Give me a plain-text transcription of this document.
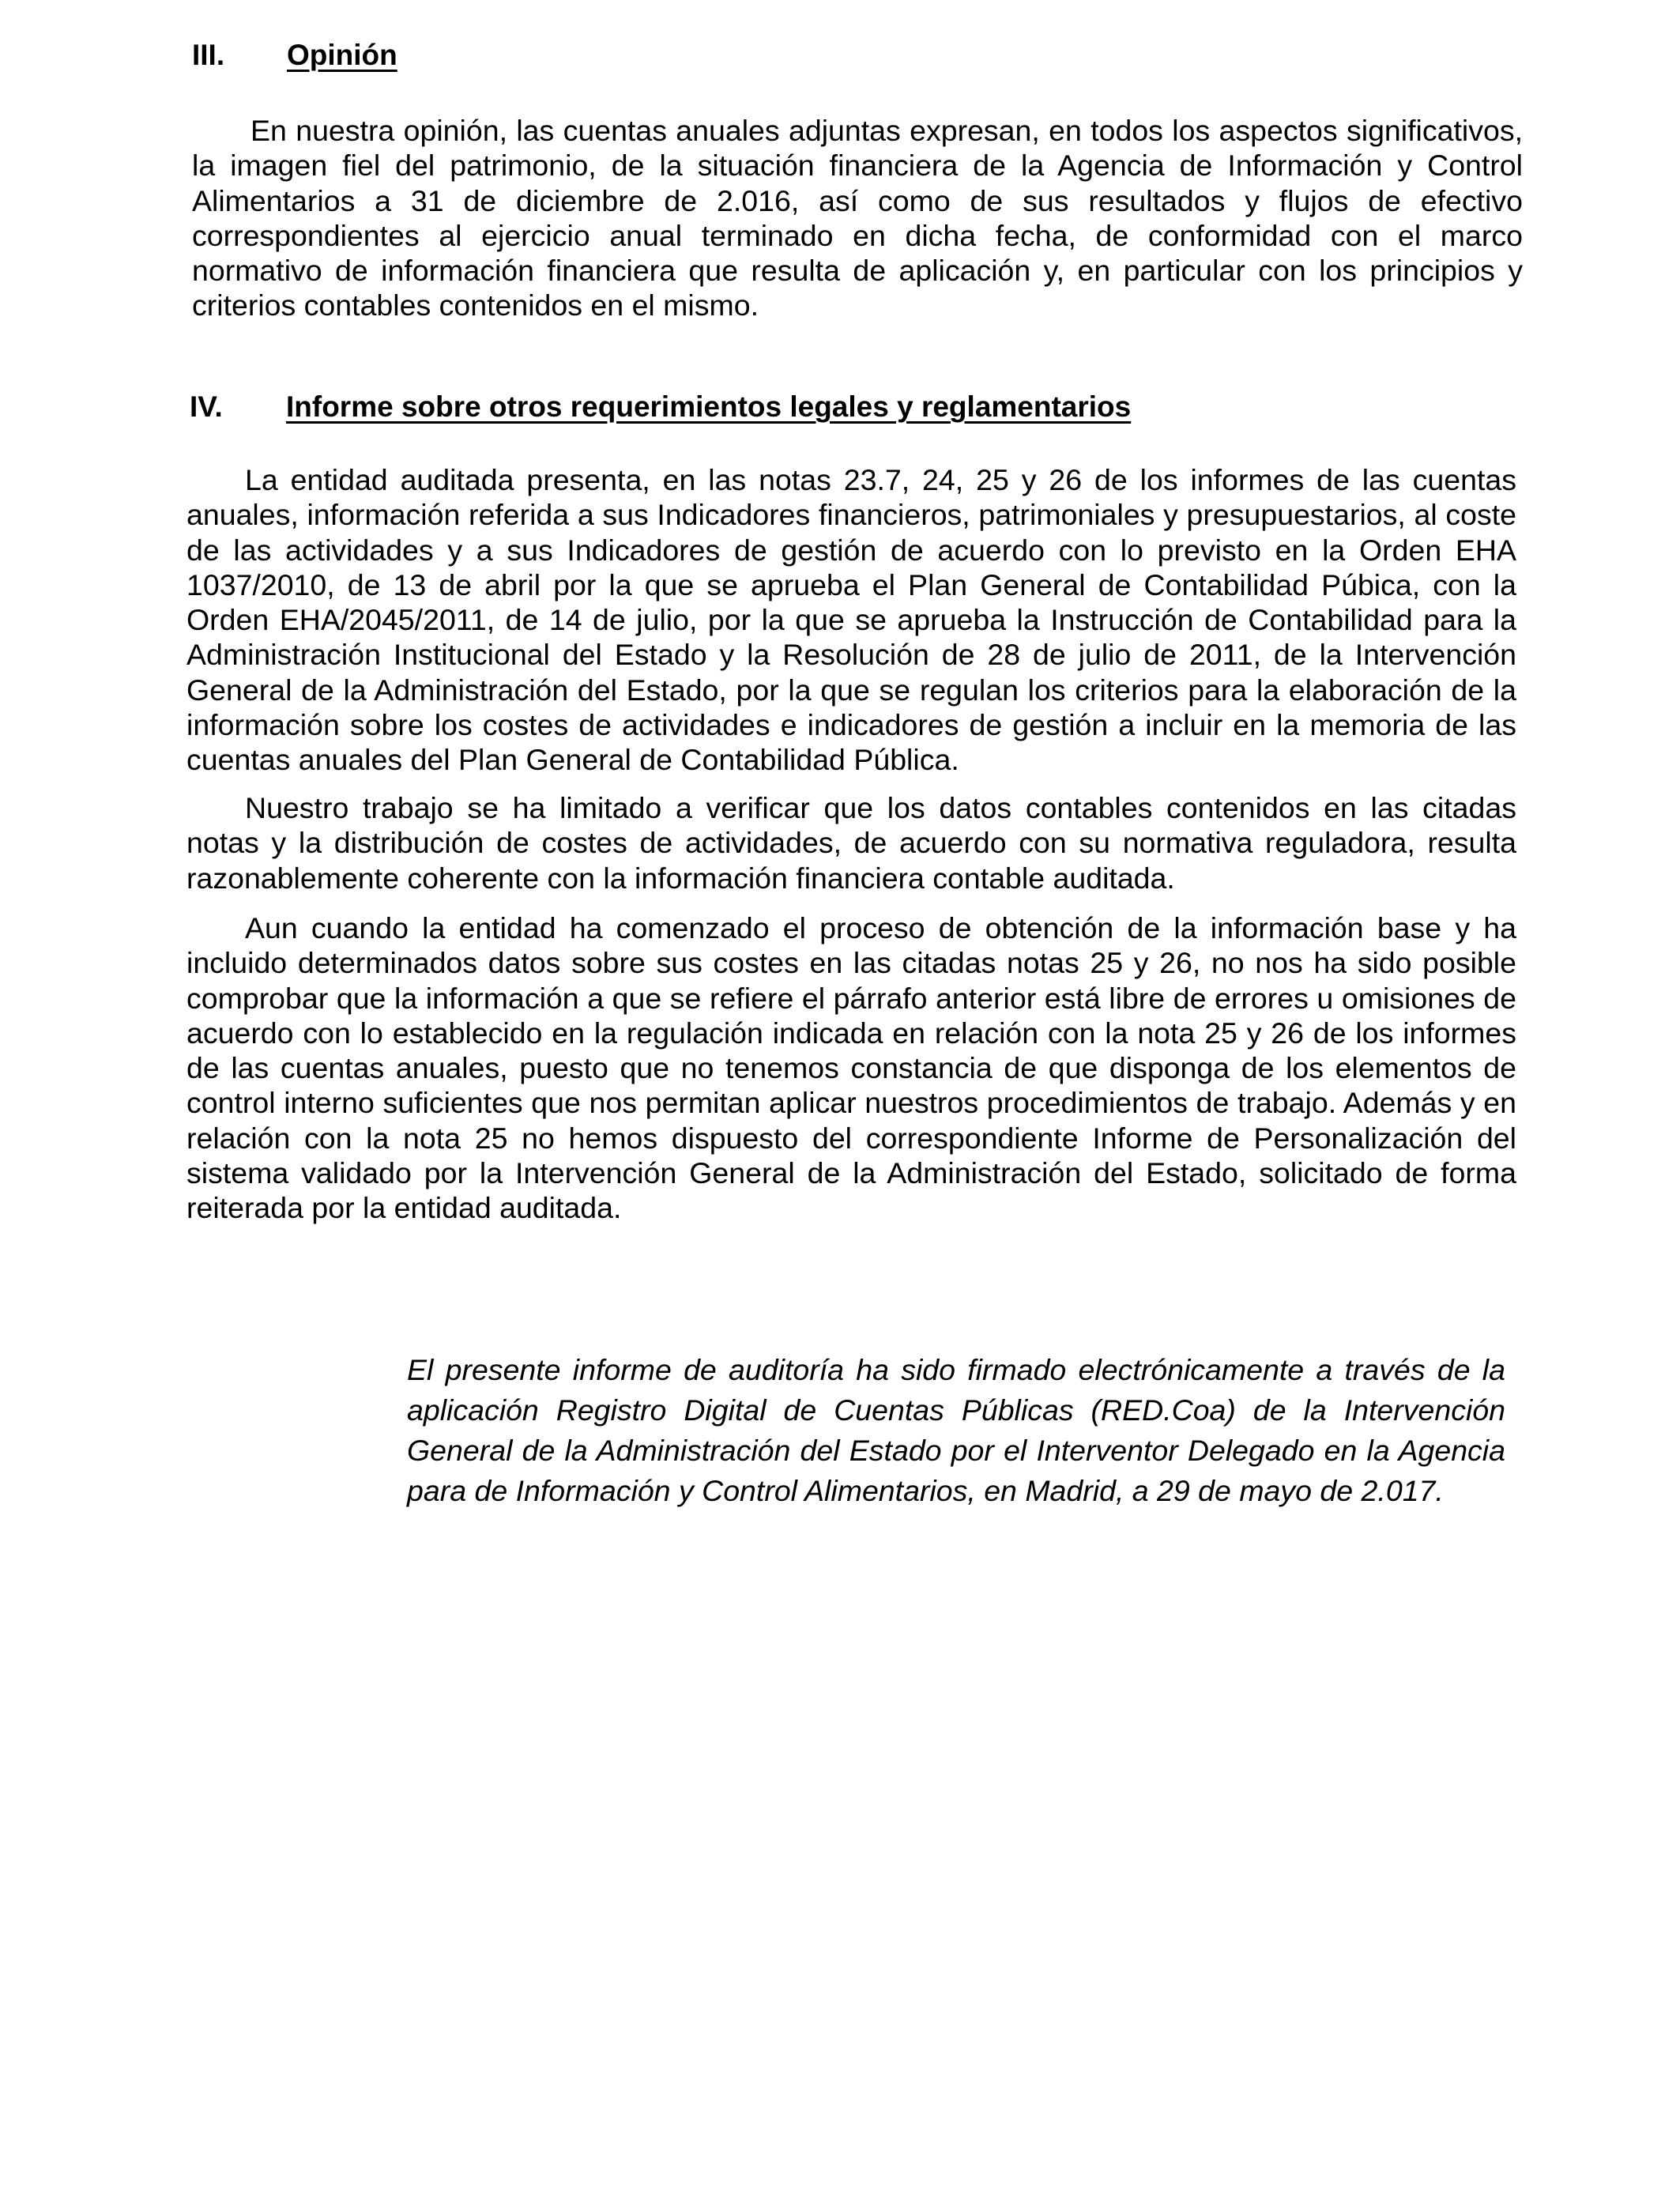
III. Opinión

En nuestra opinión, las cuentas anuales adjuntas expresan, en todos los aspectos significativos, la imagen fiel del patrimonio, de la situación financiera de la Agencia de Información y Control Alimentarios a 31 de diciembre de 2.016, así como de sus resultados y flujos de efectivo correspondientes al ejercicio anual terminado en dicha fecha, de conformidad con el marco normativo de información financiera que resulta de aplicación y, en particular con los principios y criterios contables contenidos en el mismo.

IV. Informe sobre otros requerimientos legales y reglamentarios

La entidad auditada presenta, en las notas 23.7, 24, 25 y 26 de los informes de las cuentas anuales, información referida a sus Indicadores financieros, patrimoniales y presupuestarios, al coste de las actividades y a sus Indicadores de gestión de acuerdo con lo previsto en la Orden EHA 1037/2010, de 13 de abril por la que se aprueba el Plan General de Contabilidad Púbica, con la Orden EHA/2045/2011, de 14 de julio, por la que se aprueba la Instrucción de Contabilidad para la Administración Institucional del Estado y la Resolución de 28 de julio de 2011, de la Intervención General de la Administración del Estado, por la que se regulan los criterios para la elaboración de la información sobre los costes de actividades e indicadores de gestión a incluir en la memoria de las cuentas anuales del Plan General de Contabilidad Pública.

Nuestro trabajo se ha limitado a verificar que los datos contables contenidos en las citadas notas y la distribución de costes de actividades, de acuerdo con su normativa reguladora, resulta razonablemente coherente con la información financiera contable auditada.

Aun cuando la entidad ha comenzado el proceso de obtención de la información base y ha incluido determinados datos sobre sus costes en las citadas notas 25 y 26, no nos ha sido posible comprobar que la información a que se refiere el párrafo anterior está libre de errores u omisiones de acuerdo con lo establecido en la regulación indicada en relación con la nota 25 y 26 de los informes de las cuentas anuales, puesto que no tenemos constancia de que disponga de los elementos de control interno suficientes que nos permitan aplicar nuestros procedimientos de trabajo. Además y en relación con la nota 25 no hemos dispuesto del correspondiente Informe de Personalización del sistema validado por la Intervención General de la Administración del Estado, solicitado de forma reiterada por la entidad auditada.

El presente informe de auditoría ha sido firmado electrónicamente a través de la aplicación Registro Digital de Cuentas Públicas (RED.Coa) de la Intervención General de la Administración del Estado por el Interventor Delegado en la Agencia para de Información y Control Alimentarios, en Madrid, a 29 de mayo de 2.017.
